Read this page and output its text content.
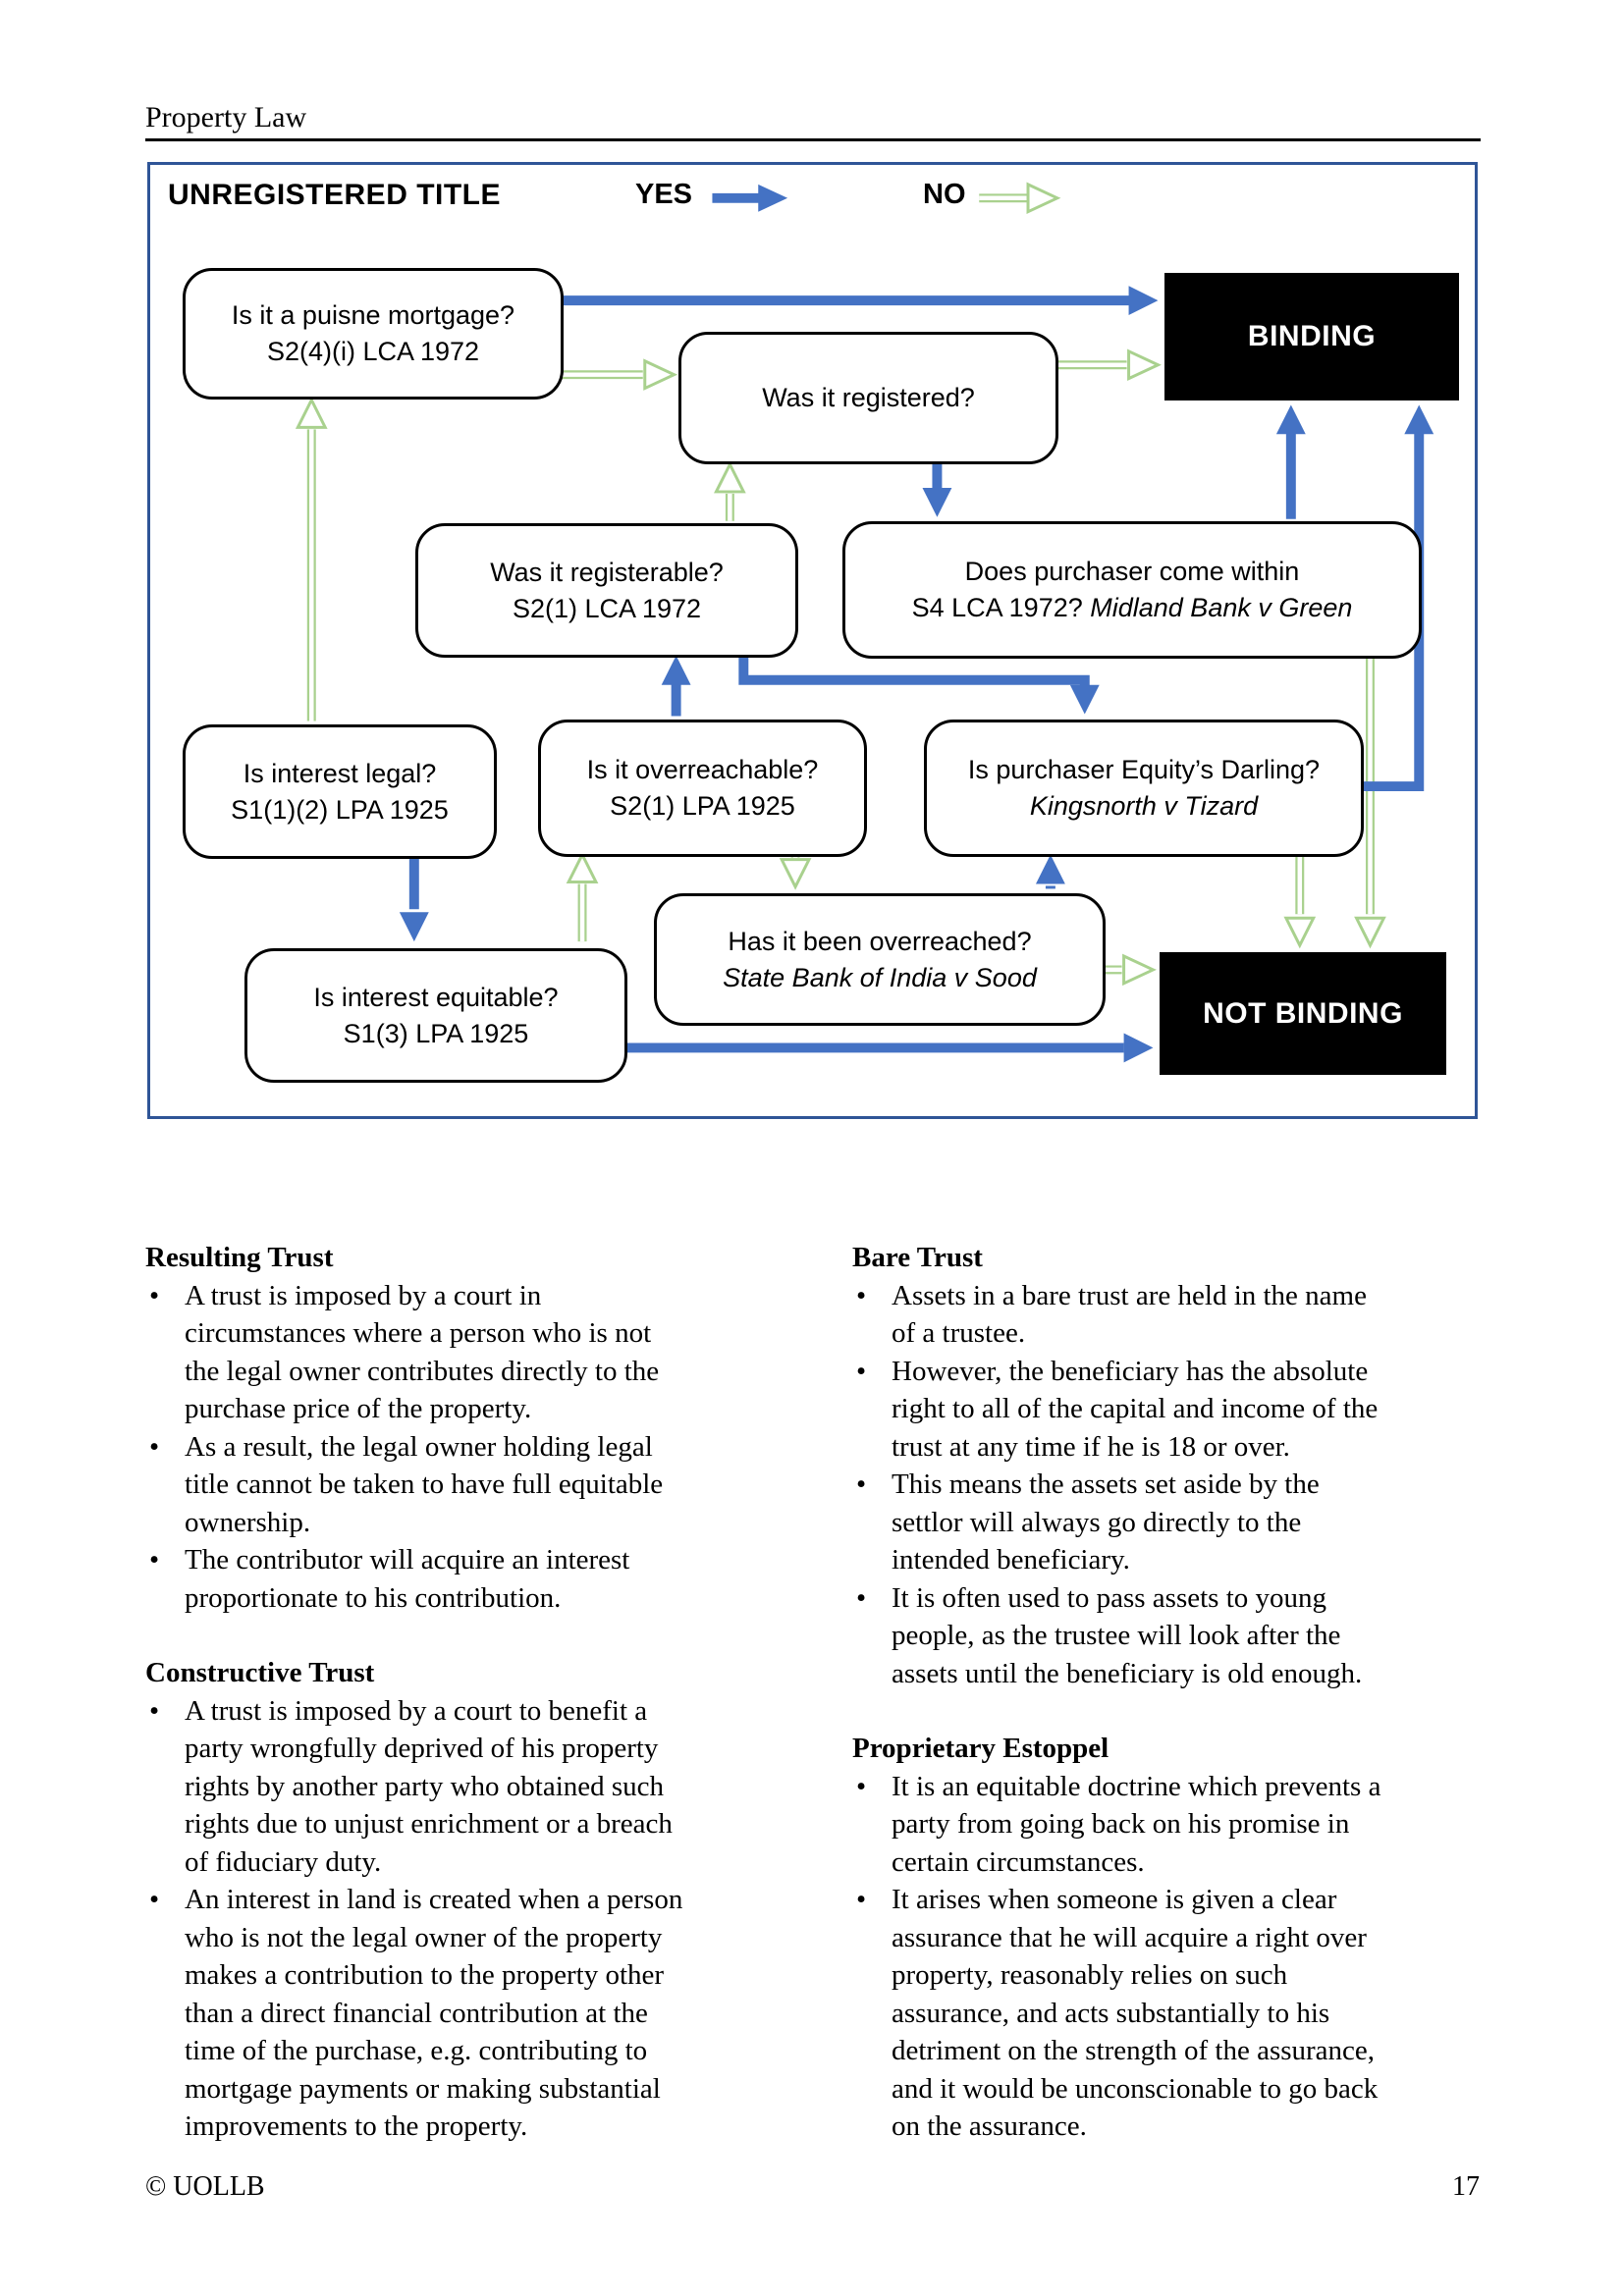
Property Law
UNREGISTERED TITLE	YES	NO
Is it a puisne mortgage?
S2(4)(i) LCA 1972
Was it registered?
BINDING
Was it registerable?
S2(1) LCA 1972
Does purchaser come within
S4 LCA 1972? Midland Bank v Green
Is interest legal?
S1(1)(2) LPA 1925
Is it overreachable?
S2(1) LPA 1925
Is purchaser Equity’s Darling?
Kingsnorth v Tizard
Has it been overreached?
State Bank of India v Sood
Is interest equitable?
S1(3) LPA 1925
NOT BINDING
Resulting Trust
• A trust is imposed by a court in
circumstances where a person who is not
the legal owner contributes directly to the
purchase price of the property.
• As a result, the legal owner holding legal
title cannot be taken to have full equitable
ownership.
• The contributor will acquire an interest
proportionate to his contribution.
Constructive Trust
• A trust is imposed by a court to benefit a
party wrongfully deprived of his property
rights by another party who obtained such
rights due to unjust enrichment or a breach
of fiduciary duty.
• An interest in land is created when a person
who is not the legal owner of the property
makes a contribution to the property other
than a direct financial contribution at the
time of the purchase, e.g. contributing to
mortgage payments or making substantial
improvements to the property.
Bare Trust
• Assets in a bare trust are held in the name
of a trustee.
• However, the beneficiary has the absolute
right to all of the capital and income of the
trust at any time if he is 18 or over.
• This means the assets set aside by the
settlor will always go directly to the
intended beneficiary.
• It is often used to pass assets to young
people, as the trustee will look after the
assets until the beneficiary is old enough.
Proprietary Estoppel
• It is an equitable doctrine which prevents a
party from going back on his promise in
certain circumstances.
• It arises when someone is given a clear
assurance that he will acquire a right over
property, reasonably relies on such
assurance, and acts substantially to his
detriment on the strength of the assurance,
and it would be unconscionable to go back
on the assurance.
© UOLLB	17
